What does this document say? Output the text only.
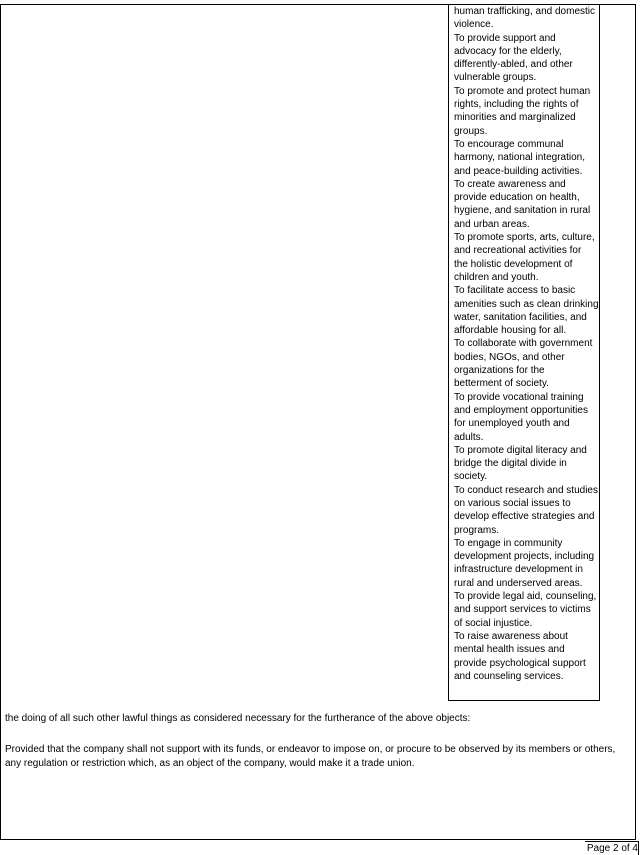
human trafficking, and domestic
violence.
To provide support and
advocacy for the elderly,
differently-abled, and other
vulnerable groups.
To promote and protect human
rights, including the rights of
minorities and marginalized
groups.
To encourage communal
harmony, national integration,
and peace-building activities.
To create awareness and
provide education on health,
hygiene, and sanitation in rural
and urban areas.
To promote sports, arts, culture,
and recreational activities for
the holistic development of
children and youth.
To facilitate access to basic
amenities such as clean drinking
water, sanitation facilities, and
affordable housing for all.
To collaborate with government
bodies, NGOs, and other
organizations for the
betterment of society.
To provide vocational training
and employment opportunities
for unemployed youth and
adults.
To promote digital literacy and
bridge the digital divide in
society.
To conduct research and studies
on various social issues to
develop effective strategies and
programs.
To engage in community
development projects, including
infrastructure development in
rural and underserved areas.
To provide legal aid, counseling,
and support services to victims
of social injustice.
To raise awareness about
mental health issues and
provide psychological support
and counseling services.

the doing of all such other lawful things as considered necessary for the furtherance of the above objects:

Provided that the company shall not support with its funds, or endeavor to impose on, or procure to be observed by its members or others, any regulation or restriction which, as an object of the company, would make it a trade union.

Page 2 of 4
